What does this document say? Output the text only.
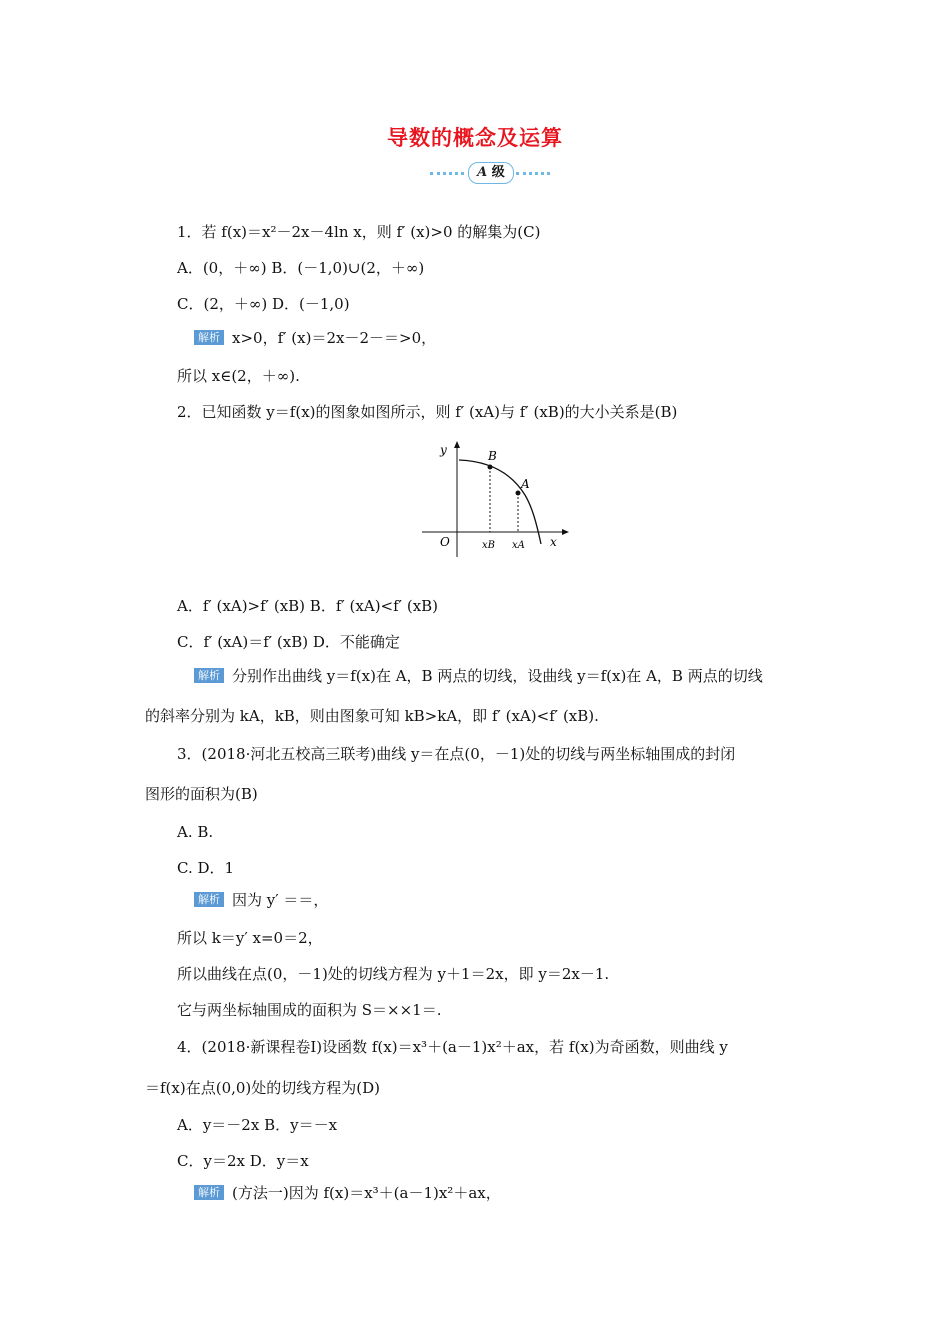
导数的概念及运算
A 级
1．若 f(x)＝x²－2x－4ln x，则 f′ (x)>0 的解集为(C)
A．(0，＋∞) B．(－1,0)∪(2，＋∞)
C．(2，＋∞) D．(－1,0)
解析 x>0，f′ (x)＝2x－2－＝>0，
所以 x∈(2，＋∞).
2．已知函数 y＝f(x)的图象如图所示，则 f′ (xA)与 f′ (xB)的大小关系是(B)
y
x
O
B
A
xB xA
A．f′ (xA)>f′ (xB) B．f′ (xA)<f′ (xB)
C．f′ (xA)＝f′ (xB) D．不能确定
解析 分别作出曲线 y＝f(x)在 A，B 两点的切线，设曲线 y＝f(x)在 A，B 两点的切线
的斜率分别为 kA，kB，则由图象可知 kB>kA，即 f′ (xA)<f′ (xB).
3．(2018·河北五校高三联考)曲线 y＝在点(0，－1)处的切线与两坐标轴围成的封闭
图形的面积为(B)
A. B.
C. D．1
解析 因为 y′ ＝＝，
所以 k＝y′ x=0＝2，
所以曲线在点(0，－1)处的切线方程为 y＋1＝2x，即 y＝2x－1.
它与两坐标轴围成的面积为 S＝××1＝.
4．(2018·新课程卷Ⅰ)设函数 f(x)＝x³＋(a－1)x²＋ax，若 f(x)为奇函数，则曲线 y
＝f(x)在点(0,0)处的切线方程为(D)
A．y＝－2x B．y＝－x
C．y＝2x D．y＝x
解析 (方法一)因为 f(x)＝x³＋(a－1)x²＋ax，
